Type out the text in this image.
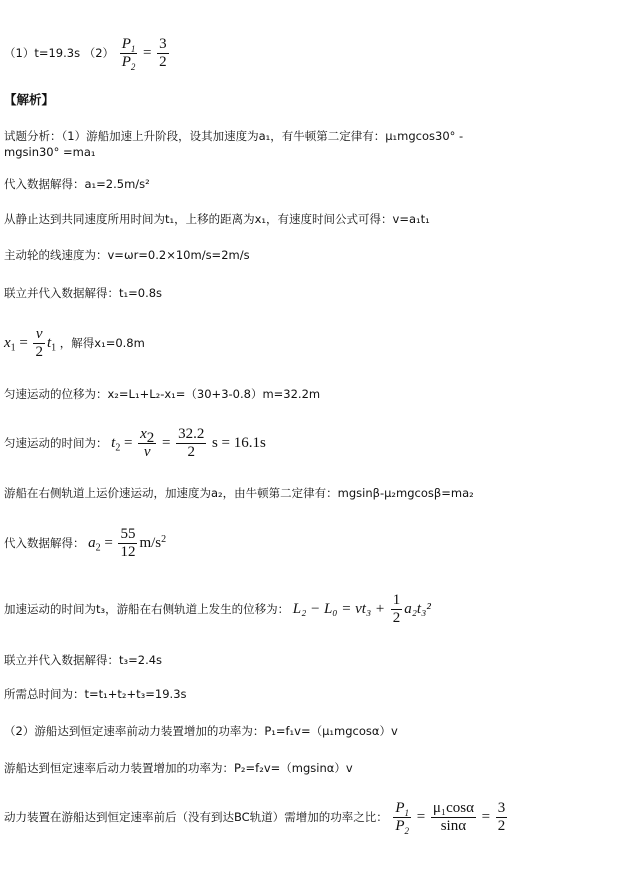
（1）t=19.3s $(2) \frac{P_1}{P_2} = \frac{3}{2}$
【解析】
试题分析：（1）游船加速上升阶段，设其加速度为a₁，有牛顿第二定律有：μ₁mgcos30° -
mgsin30° =ma₁
代入数据解得：a₁=2.5m/s²
从静止达到共同速度所用时间为t₁，上移的距离为x₁，有速度时间公式可得：v=a₁t₁
主动轮的线速度为：v=ωr=0.2×10m/s=2m/s
联立并代入数据解得：t₁=0.8s
$x_1 = \frac{v}{2} t_1$ ，解得x₁=0.8m
匀速运动的位移为：x₂=L₁+L₂-x₁=（30+3-0.8）m=32.2m
匀速运动的时间为： $t_2 = \frac{x_2}{v} = \frac{32.2}{2}$ s = 16.1s
游船在右侧轨道上运价速运动，加速度为a₂，由牛顿第二定律有：mgsinβ-μ₂mgcosβ=ma₂
代入数据解得： $a_2 = \frac{55}{12} m/s^2$
加速运动的时间为t₃，游船在右侧轨道上发生的位移为： $L_2 - L_0 = vt_3 + \frac{1}{2} a_2t_3^2$
联立并代入数据解得：t₃=2.4s
所需总时间为：t=t₁+t₂+t₃=19.3s
（2）游船达到恒定速率前动力装置增加的功率为：P₁=f₁v=（μ₁mgcosα）v
游船达到恒定速率后动力装置增加的功率为：P₂=f₂v=（mgsinα）v
动力装置在游船达到恒定速率前后（没有到达BC轨道）需增加的功率之比： $\frac{P_1}{P_2} = \frac{\text{μ₁cosα}}{\sin\alpha} = \frac{3}{2}$
